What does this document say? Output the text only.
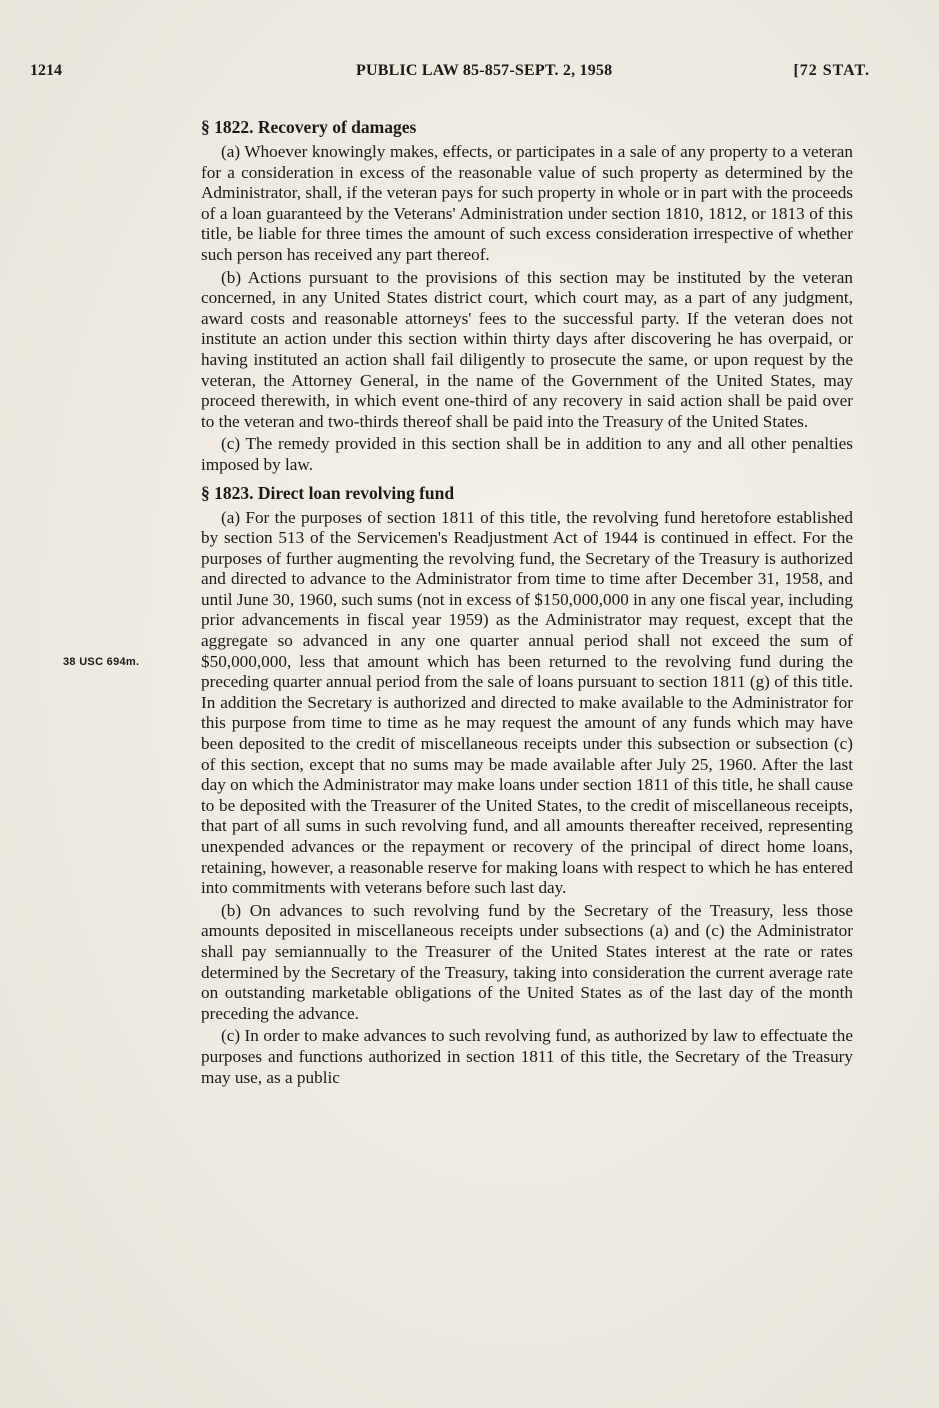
1214	PUBLIC LAW 85-857-SEPT. 2, 1958	[72 STAT.
38 USC 694m.
§ 1822. Recovery of damages

(a) Whoever knowingly makes, effects, or participates in a sale of any property to a veteran for a consideration in excess of the reasonable value of such property as determined by the Administrator, shall, if the veteran pays for such property in whole or in part with the proceeds of a loan guaranteed by the Veterans' Administration under section 1810, 1812, or 1813 of this title, be liable for three times the amount of such excess consideration irrespective of whether such person has received any part thereof.

(b) Actions pursuant to the provisions of this section may be instituted by the veteran concerned, in any United States district court, which court may, as a part of any judgment, award costs and reasonable attorneys' fees to the successful party. If the veteran does not institute an action under this section within thirty days after discovering he has overpaid, or having instituted an action shall fail diligently to prosecute the same, or upon request by the veteran, the Attorney General, in the name of the Government of the United States, may proceed therewith, in which event one-third of any recovery in said action shall be paid over to the veteran and two-thirds thereof shall be paid into the Treasury of the United States.

(c) The remedy provided in this section shall be in addition to any and all other penalties imposed by law.

§ 1823. Direct loan revolving fund

(a) For the purposes of section 1811 of this title, the revolving fund heretofore established by section 513 of the Servicemen's Readjustment Act of 1944 is continued in effect. For the purposes of further augmenting the revolving fund, the Secretary of the Treasury is authorized and directed to advance to the Administrator from time to time after December 31, 1958, and until June 30, 1960, such sums (not in excess of $150,000,000 in any one fiscal year, including prior advancements in fiscal year 1959) as the Administrator may request, except that the aggregate so advanced in any one quarter annual period shall not exceed the sum of $50,000,000, less that amount which has been returned to the revolving fund during the preceding quarter annual period from the sale of loans pursuant to section 1811 (g) of this title. In addition the Secretary is authorized and directed to make available to the Administrator for this purpose from time to time as he may request the amount of any funds which may have been deposited to the credit of miscellaneous receipts under this subsection or subsection (c) of this section, except that no sums may be made available after July 25, 1960. After the last day on which the Administrator may make loans under section 1811 of this title, he shall cause to be deposited with the Treasurer of the United States, to the credit of miscellaneous receipts, that part of all sums in such revolving fund, and all amounts thereafter received, representing unexpended advances or the repayment or recovery of the principal of direct home loans, retaining, however, a reasonable reserve for making loans with respect to which he has entered into commitments with veterans before such last day.

(b) On advances to such revolving fund by the Secretary of the Treasury, less those amounts deposited in miscellaneous receipts under subsections (a) and (c) the Administrator shall pay semiannually to the Treasurer of the United States interest at the rate or rates determined by the Secretary of the Treasury, taking into consideration the current average rate on outstanding marketable obligations of the United States as of the last day of the month preceding the advance.

(c) In order to make advances to such revolving fund, as authorized by law to effectuate the purposes and functions authorized in section 1811 of this title, the Secretary of the Treasury may use, as a public
